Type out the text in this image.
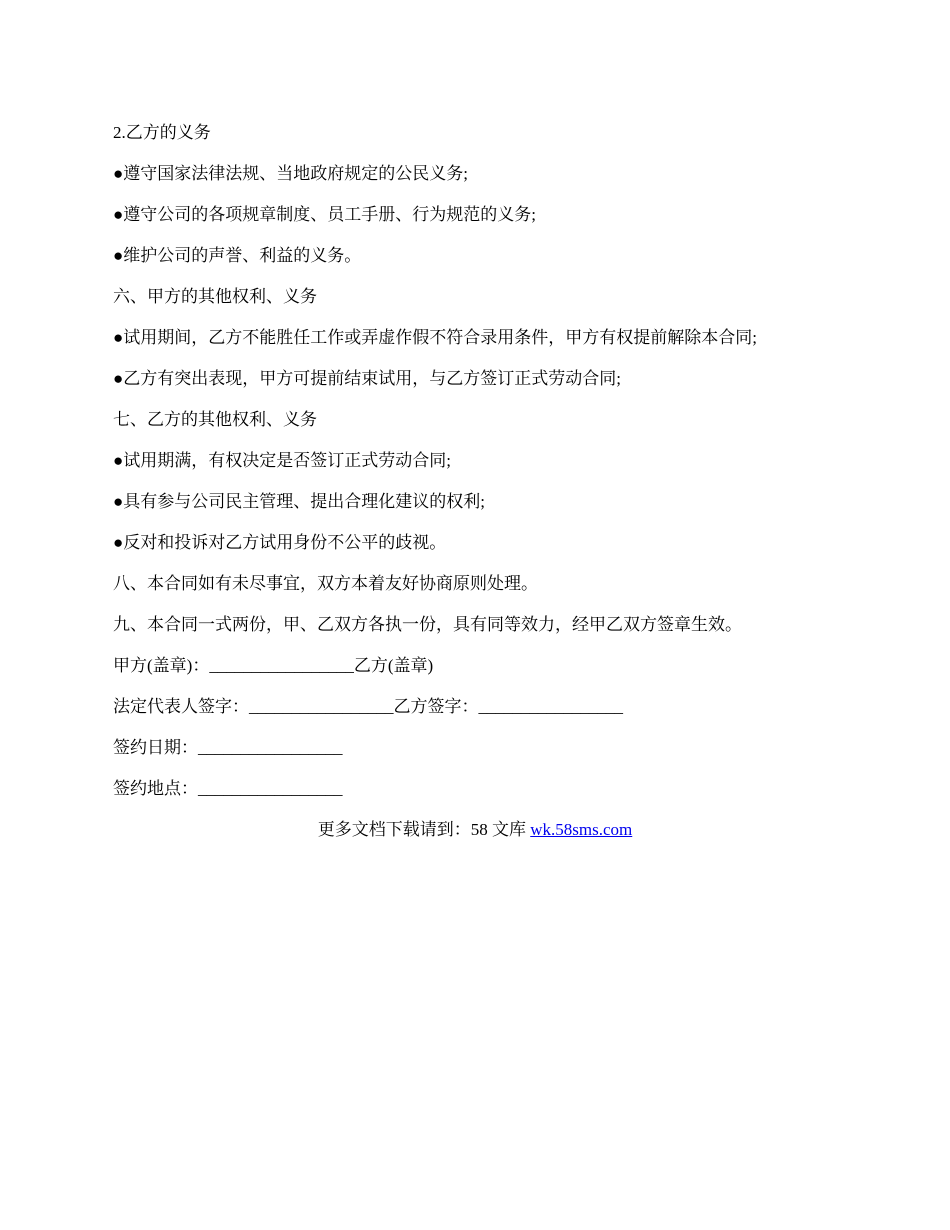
2.乙方的义务
●遵守国家法律法规、当地政府规定的公民义务;
●遵守公司的各项规章制度、员工手册、行为规范的义务;
●维护公司的声誉、利益的义务。
六、甲方的其他权利、义务
●试用期间，乙方不能胜任工作或弄虚作假不符合录用条件，甲方有权提前解除本合同;
●乙方有突出表现，甲方可提前结束试用，与乙方签订正式劳动合同;
七、乙方的其他权利、义务
●试用期满，有权决定是否签订正式劳动合同;
●具有参与公司民主管理、提出合理化建议的权利;
●反对和投诉对乙方试用身份不公平的歧视。
八、本合同如有未尽事宜，双方本着友好协商原则处理。
九、本合同一式两份，甲、乙双方各执一份，具有同等效力，经甲乙双方签章生效。
甲方(盖章)：_________________乙方(盖章)
法定代表人签字：_________________乙方签字：_________________
签约日期：_________________
签约地点：_________________
更多文档下载请到：58 文库 wk.58sms.com
